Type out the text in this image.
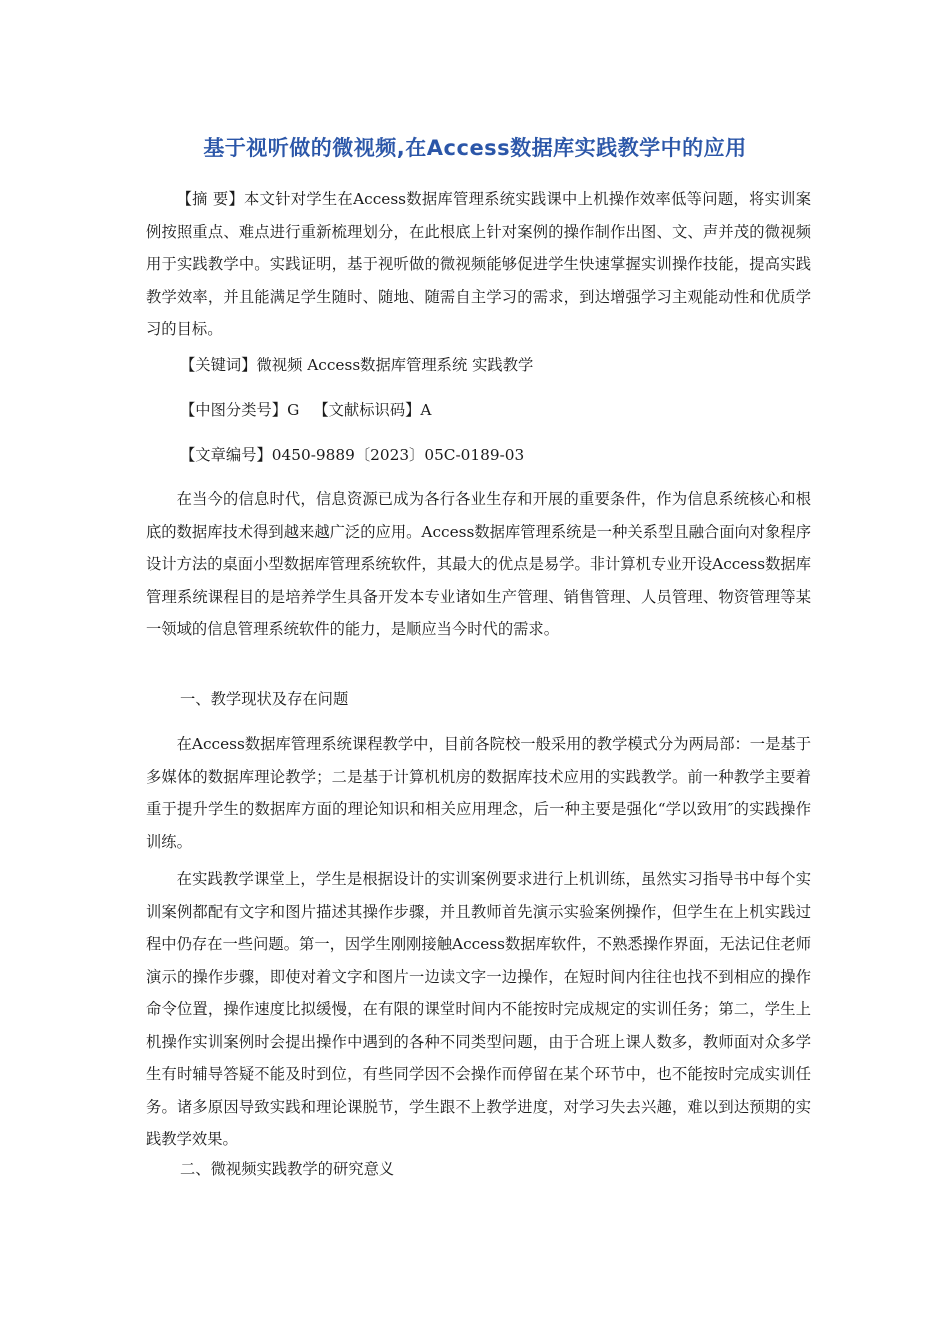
基于视听做的微视频,在Access数据库实践教学中的应用
【摘 要】本文针对学生在Access数据库管理系统实践课中上机操作效率低等问题，将实训案例按照重点、难点进行重新梳理划分，在此根底上针对案例的操作制作出图、文、声并茂的微视频用于实践教学中。实践证明，基于视听做的微视频能够促进学生快速掌握实训操作技能，提高实践教学效率，并且能满足学生随时、随地、随需自主学习的需求，到达增强学习主观能动性和优质学习的目标。
【关键词】微视频 Access数据库管理系统 实践教学
【中图分类号】G 【文献标识码】A
【文章编号】0450-9889〔2023〕05C-0189-03
在当今的信息时代，信息资源已成为各行各业生存和开展的重要条件，作为信息系统核心和根底的数据库技术得到越来越广泛的应用。Access数据库管理系统是一种关系型且融合面向对象程序设计方法的桌面小型数据库管理系统软件，其最大的优点是易学。非计算机专业开设Access数据库管理系统课程目的是培养学生具备开发本专业诸如生产管理、销售管理、人员管理、物资管理等某一领域的信息管理系统软件的能力，是顺应当今时代的需求。
一、教学现状及存在问题
在Access数据库管理系统课程教学中，目前各院校一般采用的教学模式分为两局部：一是基于多媒体的数据库理论教学；二是基于计算机机房的数据库技术应用的实践教学。前一种教学主要着重于提升学生的数据库方面的理论知识和相关应用理念，后一种主要是强化“学以致用″的实践操作训练。
在实践教学课堂上，学生是根据设计的实训案例要求进行上机训练，虽然实习指导书中每个实训案例都配有文字和图片描述其操作步骤，并且教师首先演示实验案例操作，但学生在上机实践过程中仍存在一些问题。第一，因学生刚刚接触Access数据库软件，不熟悉操作界面，无法记住老师演示的操作步骤，即使对着文字和图片一边读文字一边操作，在短时间内往往也找不到相应的操作命令位置，操作速度比拟缓慢，在有限的课堂时间内不能按时完成规定的实训任务；第二，学生上机操作实训案例时会提出操作中遇到的各种不同类型问题，由于合班上课人数多，教师面对众多学生有时辅导答疑不能及时到位，有些同学因不会操作而停留在某个环节中，也不能按时完成实训任务。诸多原因导致实践和理论课脱节，学生跟不上教学进度，对学习失去兴趣，难以到达预期的实践教学效果。
二、微视频实践教学的研究意义
